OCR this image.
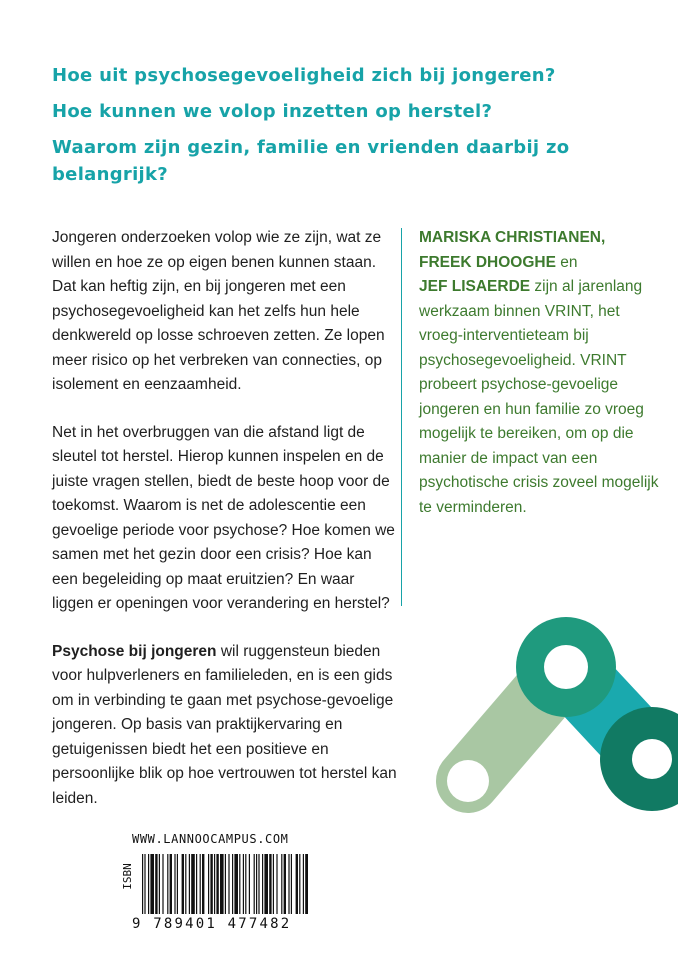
Hoe uit psychosegevoeligheid zich bij jongeren?

Hoe kunnen we volop inzetten op herstel?

Waarom zijn gezin, familie en vrienden daarbij zo belangrijk?

Jongeren onderzoeken volop wie ze zijn, wat ze willen en hoe ze op eigen benen kunnen staan. Dat kan heftig zijn, en bij jongeren met een psychosegevoeligheid kan het zelfs hun hele denkwereld op losse schroeven zetten. Ze lopen meer risico op het verbreken van connecties, op isolement en eenzaamheid.

Net in het overbruggen van die afstand ligt de sleutel tot herstel. Hierop kunnen inspelen en de juiste vragen stellen, biedt de beste hoop voor de toekomst. Waarom is net de adolescentie een gevoelige periode voor psychose? Hoe komen we samen met het gezin door een crisis? Hoe kan een begeleiding op maat eruitzien? En waar liggen er openingen voor verandering en herstel?

Psychose bij jongeren wil ruggensteun bieden voor hulpverleners en familieleden, en is een gids om in verbinding te gaan met psychose-gevoelige jongeren. Op basis van praktijkervaring en getuigenissen biedt het een positieve en persoonlijke blik op hoe vertrouwen tot herstel kan leiden.

MARISKA CHRISTIANEN,
FREEK DHOOGHE en
JEF LISAERDE zijn al jarenlang werkzaam binnen VRINT, het vroeg-interventieteam bij psychosegevoeligheid. VRINT probeert psychose-gevoelige jongeren en hun familie zo vroeg mogelijk te bereiken, om op die manier de impact van een psychotische crisis zoveel mogelijk te verminderen.
WWW.LANNOOCAMPUS.COM
ISBN
9 789401 477482
